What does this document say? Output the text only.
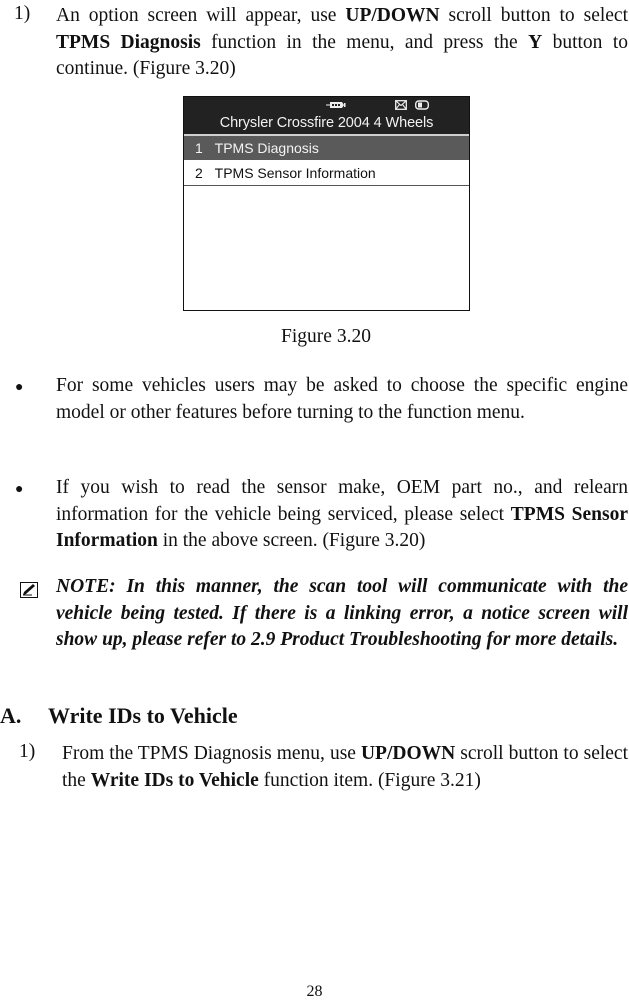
1) An option screen will appear, use UP/DOWN scroll button to select TPMS Diagnosis function in the menu, and press the Y button to continue. (Figure 3.20)
Chrysler Crossfire 2004 4 Wheels
1 TPMS Diagnosis
2 TPMS Sensor Information
Figure 3.20
● For some vehicles users may be asked to choose the specific engine model or other features before turning to the function menu.
● If you wish to read the sensor make, OEM part no., and relearn information for the vehicle being serviced, please select TPMS Sensor Information in the above screen. (Figure 3.20)
NOTE: In this manner, the scan tool will communicate with the vehicle being tested. If there is a linking error, a notice screen will show up, please refer to 2.9 Product Troubleshooting for more details.
A. Write IDs to Vehicle
1) From the TPMS Diagnosis menu, use UP/DOWN scroll button to select the Write IDs to Vehicle function item. (Figure 3.21)
28
